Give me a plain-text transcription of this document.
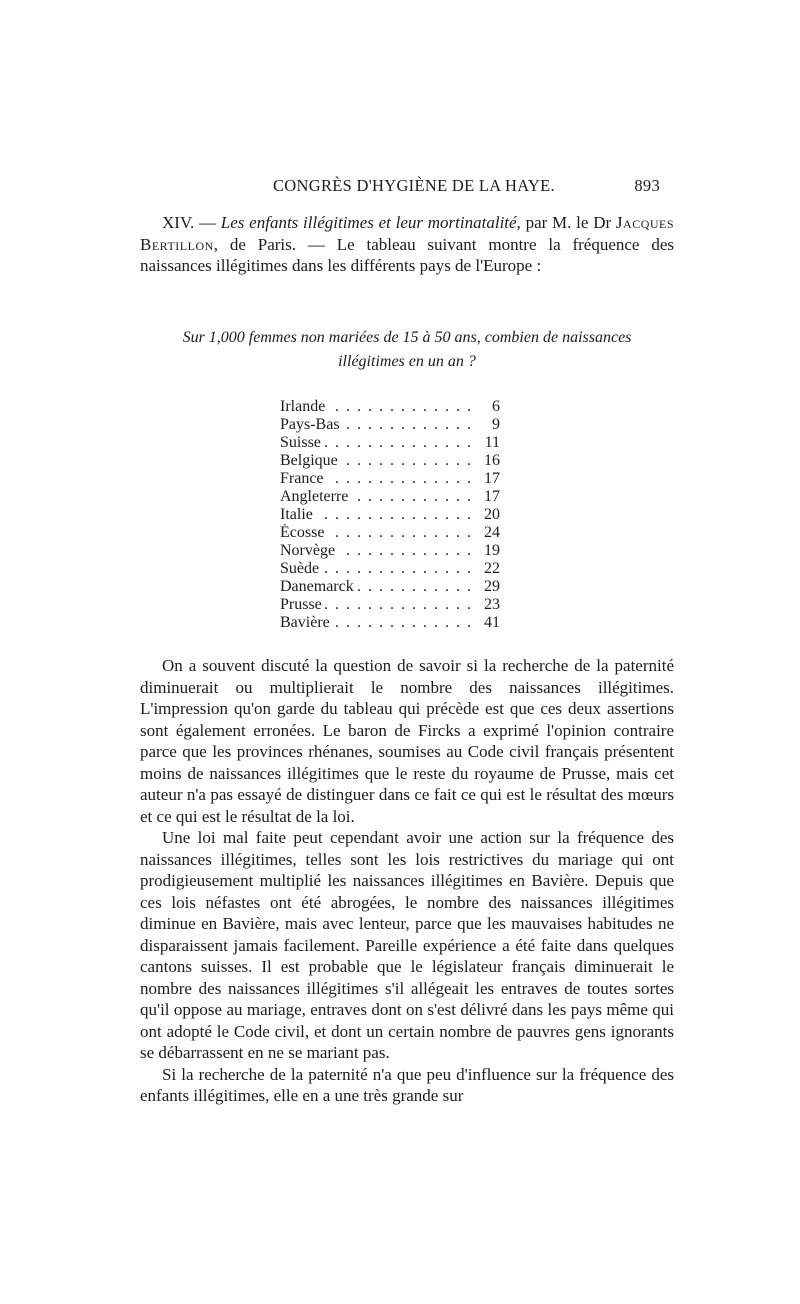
CONGRÈS D'HYGIÈNE DE LA HAYE.	893

XIV. — Les enfants illégitimes et leur mortinatalité, par M. le Dr Jacques Bertillon, de Paris. — Le tableau suivant montre la fréquence des naissances illégitimes dans les différents pays de l'Europe :

Sur 1,000 femmes non mariées de 15 à 50 ans, combien de naissances
illégitimes en un an ?
Irlande . . .	6
Pays-Bas . . .	9
Suisse . . .	11
Belgique . . .	16
France . . .	17
Angleterre . . .	17
Italie . . .	20
Écosse . . .	24
Norvège . . .	19
Suède . . .	22
Danemarck . . .	29
Prusse . . .	23
Bavière . . .	41

On a souvent discuté la question de savoir si la recherche de la paternité diminuerait ou multiplierait le nombre des naissances illégitimes. L'impression qu'on garde du tableau qui précède est que ces deux assertions sont également erronées. Le baron de Fircks a exprimé l'opinion contraire parce que les provinces rhénanes, soumises au Code civil français présentent moins de naissances illégitimes que le reste du royaume de Prusse, mais cet auteur n'a pas essayé de distinguer dans ce fait ce qui est le résultat des mœurs et ce qui est le résultat de la loi.

Une loi mal faite peut cependant avoir une action sur la fréquence des naissances illégitimes, telles sont les lois restrictives du mariage qui ont prodigieusement multiplié les naissances illégitimes en Bavière. Depuis que ces lois néfastes ont été abrogées, le nombre des naissances illégitimes diminue en Bavière, mais avec lenteur, parce que les mauvaises habitudes ne disparaissent jamais facilement. Pareille expérience a été faite dans quelques cantons suisses. Il est probable que le législateur français diminuerait le nombre des naissances illégitimes s'il allégeait les entraves de toutes sortes qu'il oppose au mariage, entraves dont on s'est délivré dans les pays même qui ont adopté le Code civil, et dont un certain nombre de pauvres gens ignorants se débarrassent en ne se mariant pas.

Si la recherche de la paternité n'a que peu d'influence sur la fréquence des enfants illégitimes, elle en a une très grande sur
